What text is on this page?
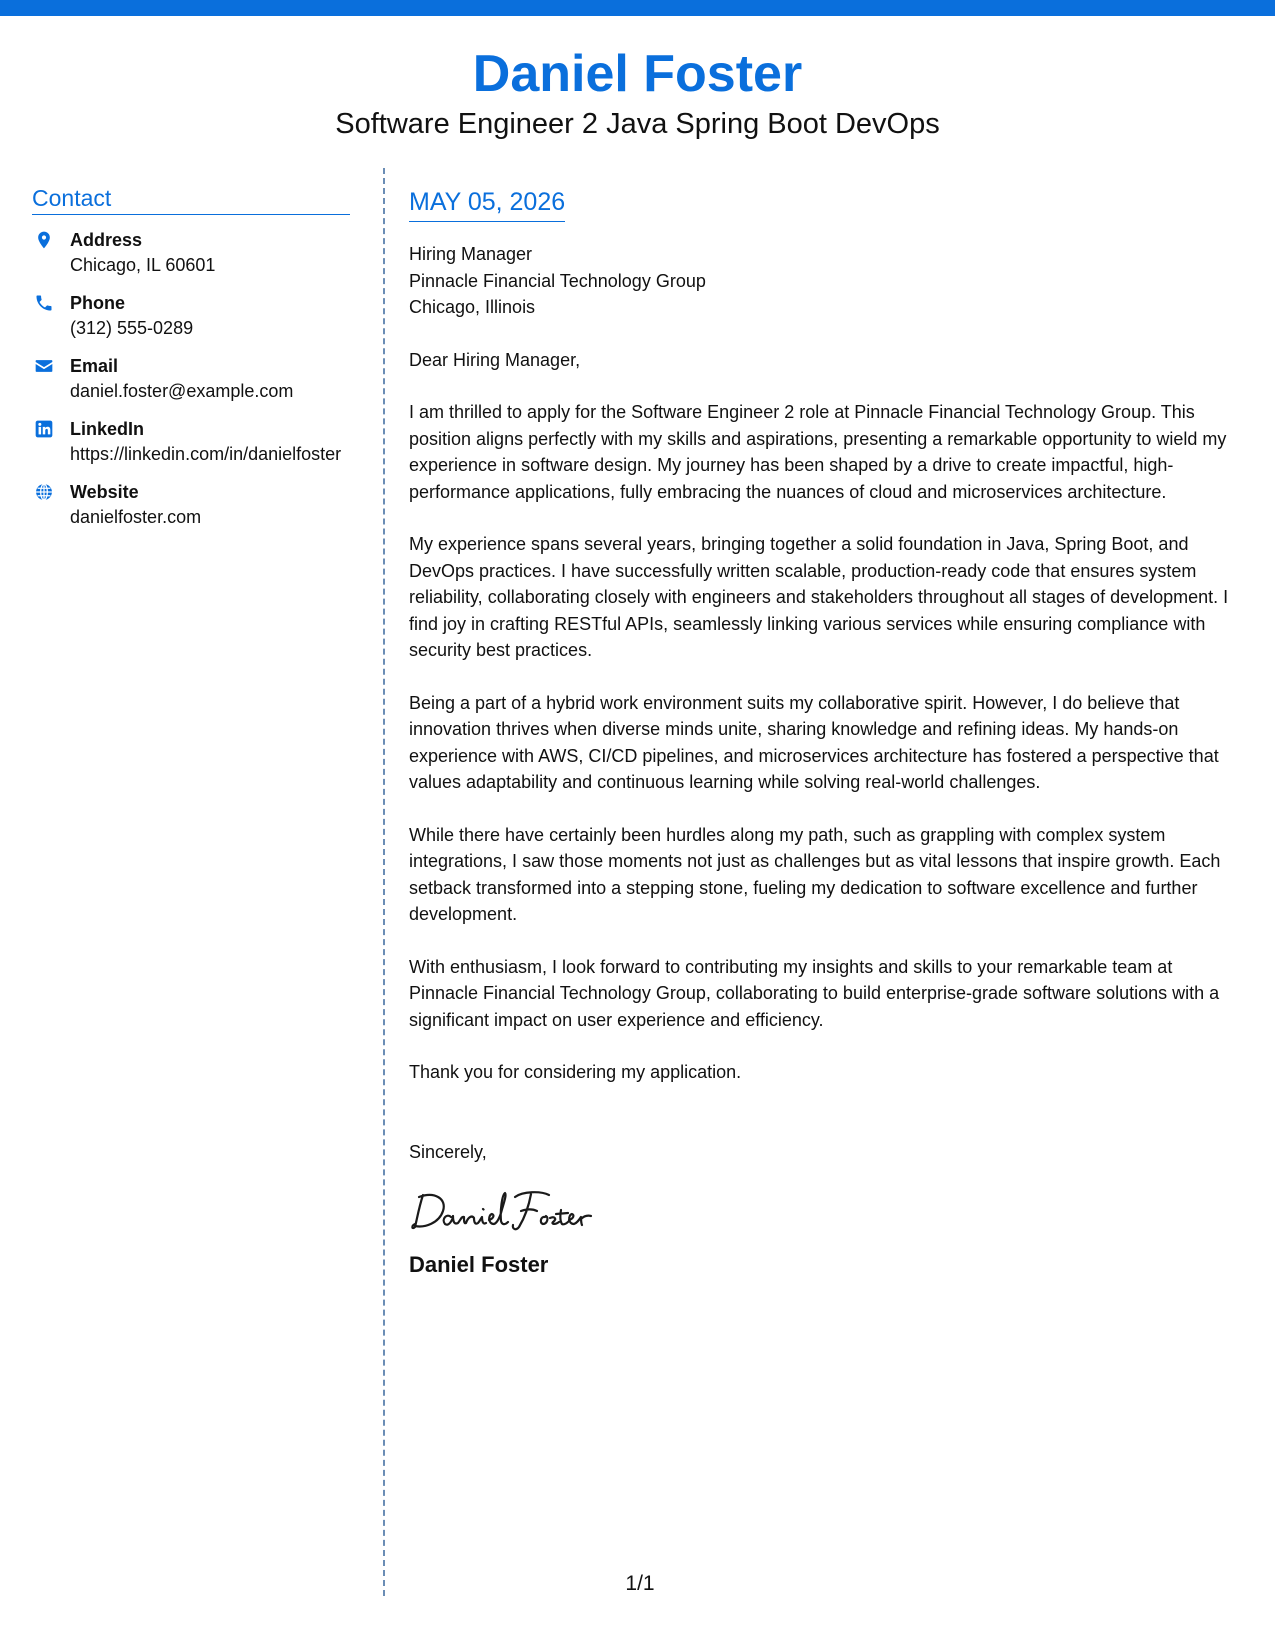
Daniel Foster
Software Engineer 2 Java Spring Boot DevOps
Contact
Address
Chicago, IL 60601
Phone
(312) 555-0289
Email
daniel.foster@example.com
LinkedIn
https://linkedin.com/in/danielfoster
Website
danielfoster.com
MAY 05, 2026
Hiring Manager
Pinnacle Financial Technology Group
Chicago, Illinois
Dear Hiring Manager,
I am thrilled to apply for the Software Engineer 2 role at Pinnacle Financial Technology Group. This position aligns perfectly with my skills and aspirations, presenting a remarkable opportunity to wield my experience in software design. My journey has been shaped by a drive to create impactful, high-performance applications, fully embracing the nuances of cloud and microservices architecture.
My experience spans several years, bringing together a solid foundation in Java, Spring Boot, and DevOps practices. I have successfully written scalable, production-ready code that ensures system reliability, collaborating closely with engineers and stakeholders throughout all stages of development. I find joy in crafting RESTful APIs, seamlessly linking various services while ensuring compliance with security best practices.
Being a part of a hybrid work environment suits my collaborative spirit. However, I do believe that innovation thrives when diverse minds unite, sharing knowledge and refining ideas. My hands-on experience with AWS, CI/CD pipelines, and microservices architecture has fostered a perspective that values adaptability and continuous learning while solving real-world challenges.
While there have certainly been hurdles along my path, such as grappling with complex system integrations, I saw those moments not just as challenges but as vital lessons that inspire growth. Each setback transformed into a stepping stone, fueling my dedication to software excellence and further development.
With enthusiasm, I look forward to contributing my insights and skills to your remarkable team at Pinnacle Financial Technology Group, collaborating to build enterprise-grade software solutions with a significant impact on user experience and efficiency.
Thank you for considering my application.
Sincerely,
Daniel Foster
1/1
